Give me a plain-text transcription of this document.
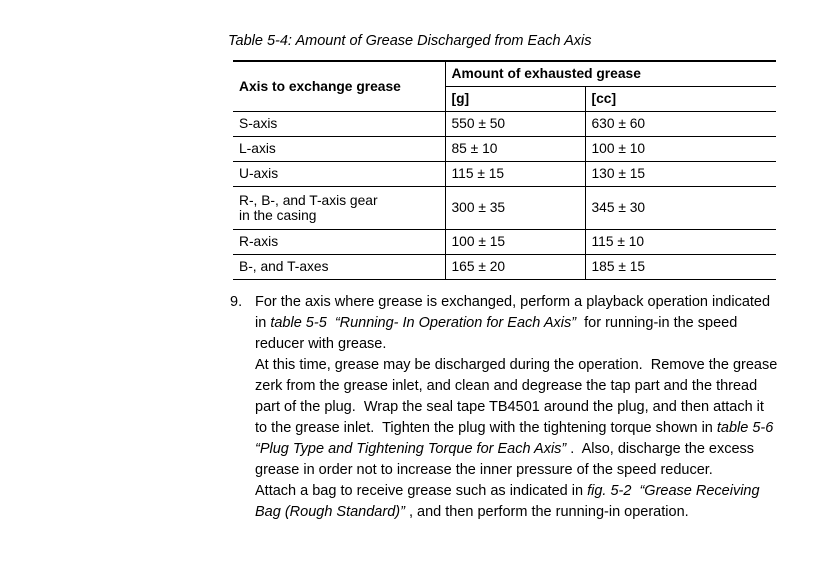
Table 5-4: Amount of Grease Discharged from Each Axis
Axis to exchange grease	Amount of exhausted grease	
	[g]	[cc]
S-axis	550 ± 50	630 ± 60
L-axis	85 ± 10	100 ± 10
U-axis	115 ± 15	130 ± 15
R-, B-, and T-axis gear
in the casing	300 ± 35	345 ± 30
R-axis	100 ± 15	115 ± 10
B-, and T-axes	165 ± 20	185 ± 15
9. For the axis where grease is exchanged, perform a playback operation indicated in table 5-5  “Running- In Operation for Each Axis”  for running-in the speed reducer with grease.
At this time, grease may be discharged during the operation.  Remove the grease zerk from the grease inlet, and clean and degrease the tap part and the thread part of the plug.  Wrap the seal tape TB4501 around the plug, and then attach it to the grease inlet.  Tighten the plug with the tightening torque shown in table 5-6  “Plug Type and Tightening Torque for Each Axis” .  Also, discharge the excess grease in order not to increase the inner pressure of the speed reducer.
Attach a bag to receive grease such as indicated in fig. 5-2  “Grease Receiving Bag (Rough Standard)” , and then perform the running-in operation.
